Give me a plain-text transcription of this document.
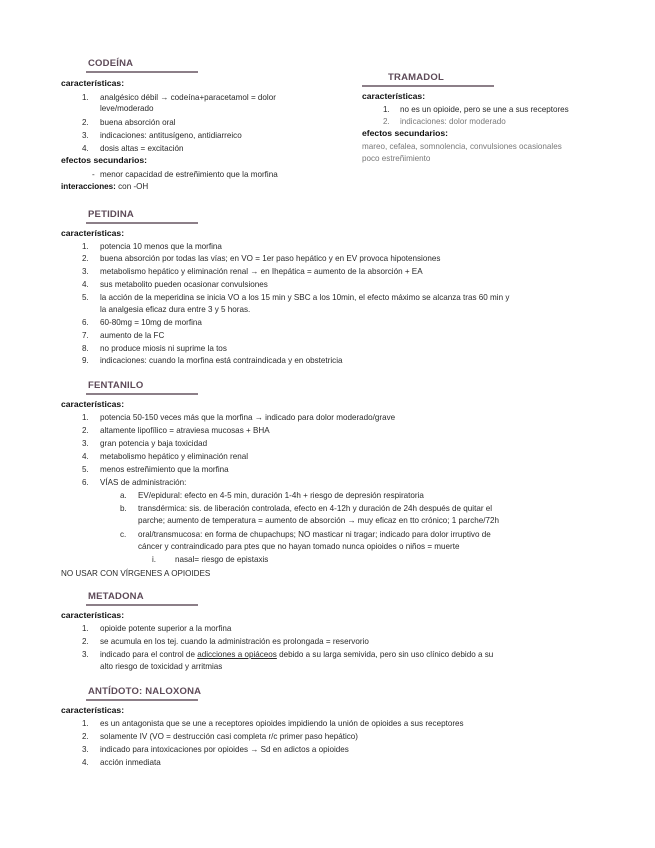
CODEÍNA
características:
1. analgésico débil → codeína+paracetamol = dolor
leve/moderado
2. buena absorción oral
3. indicaciones: antitusígeno, antidiarreico
4. dosis altas = excitación
efectos secundarios:
- menor capacidad de estreñimiento que la morfina
interacciones: con -OH
TRAMADOL
características:
1. no es un opioide, pero se une a sus receptores
2. indicaciones: dolor moderado
efectos secundarios:
mareo, cefalea, somnolencia, convulsiones ocasionales
poco estreñimiento
PETIDINA
características:
1. potencia 10 menos que la morfina
2. buena absorción por todas las vías; en VO = 1er paso hepático y en EV provoca hipotensiones
3. metabolismo hepático y eliminación renal → en Ihepática = aumento de la absorción + EA
4. sus metabolito pueden ocasionar convulsiones
5. la acción de la meperidina se inicia VO a los 15 min y SBC a los 10min, el efecto máximo se alcanza tras 60 min y
la analgesia eficaz dura entre 3 y 5 horas.
6. 60-80mg = 10mg de morfina
7. aumento de la FC
8. no produce miosis ni suprime la tos
9. indicaciones: cuando la morfina está contraindicada y en obstetricia
FENTANILO
características:
1. potencia 50-150 veces más que la morfina → indicado para dolor moderado/grave
2. altamente lipofílico = atraviesa mucosas + BHA
3. gran potencia y baja toxicidad
4. metabolismo hepático y eliminación renal
5. menos estreñimiento que la morfina
6. VÍAS de administración:
a. EV/epidural: efecto en 4-5 min, duración 1-4h + riesgo de depresión respiratoria
b. transdérmica: sis. de liberación controlada, efecto en 4-12h y duración de 24h después de quitar el
parche; aumento de temperatura = aumento de absorción → muy eficaz en tto crónico; 1 parche/72h
c. oral/transmucosa: en forma de chupachups; NO masticar ni tragar; indicado para dolor irruptivo de
cáncer y contraindicado para ptes que no hayan tomado nunca opioides o niños = muerte
i. nasal= riesgo de epistaxis
NO USAR CON VÍRGENES A OPIOIDES
METADONA
características:
1. opioide potente superior a la morfina
2. se acumula en los tej. cuando la administración es prolongada = reservorio
3. indicado para el control de adicciones a opiáceos debido a su larga semivida, pero sin uso clínico debido a su
alto riesgo de toxicidad y arritmias
ANTÍDOTO: NALOXONA
características:
1. es un antagonista que se une a receptores opioides impidiendo la unión de opioides a sus receptores
2. solamente IV (VO = destrucción casi completa r/c primer paso hepático)
3. indicado para intoxicaciones por opioides → Sd en adictos a opioides
4. acción inmediata
